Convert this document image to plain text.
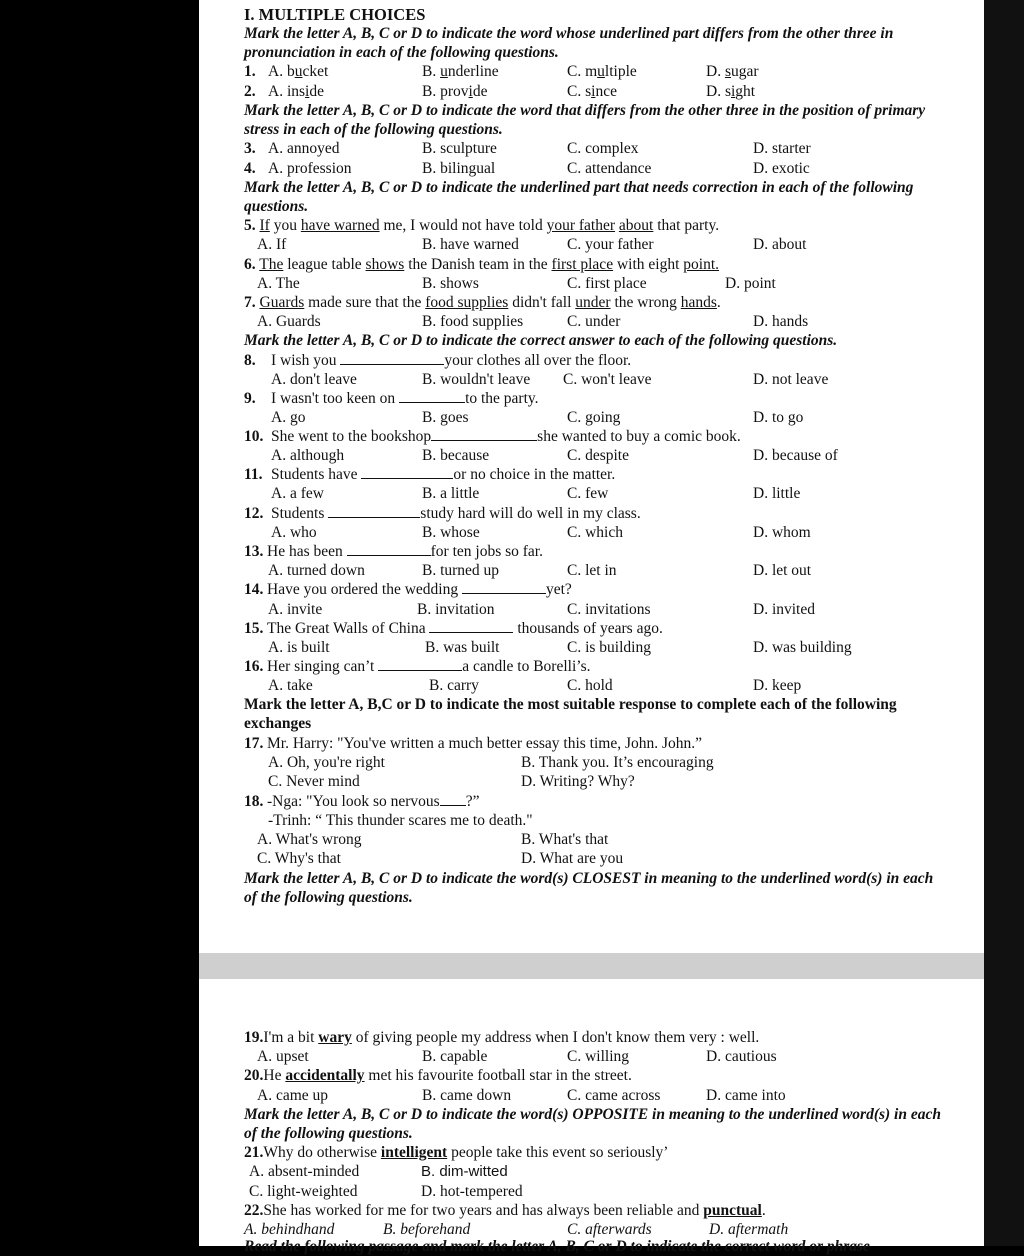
I. MULTIPLE CHOICES
Mark the letter A, B, C or D to indicate the word whose underlined part differs from the other three in pronunciation in each of the following questions.
1. A. bucket	B. underline	C. multiple	D. sugar
2. A. inside	B. provide	C. since	D. sight
Mark the letter A, B, C or D to indicate the word that differs from the other three in the position of primary stress in each of the following questions.
3. A. annoyed	B. sculpture	C. complex	D. starter
4. A. profession	B. bilingual	C. attendance	D. exotic
Mark the letter A, B, C or D to indicate the underlined part that needs correction in each of the following questions.
5. If you have warned me, I would not have told your father about that party.
A. If	B. have warned	C. your father	D. about
6. The league table shows the Danish team in the first place with eight point.
A. The	B. shows	C. first place	D. point
7. Guards made sure that the food supplies didn't fall under the wrong hands.
A. Guards	B. food supplies	C. under	D. hands
Mark the letter A, B, C or D to indicate the correct answer to each of the following questions.
8. I wish you	your clothes all over the floor.
A. don't leave	B. wouldn't leave C. won't leave	D. not leave
9. I wasn't too keen on	to the party.
A. go	B. goes	C. going	D. to go
10. She went to the bookshop	she wanted to buy a comic book.
A. although	B. because	C. despite	D. because of
11. Students have	or no choice in the matter.
A. a few	B. a little	C. few	D. little
12. Students	study hard will do well in my class.
A. who	B. whose	C. which	D. whom
13. He has been	for ten jobs so far.
A. turned down	B. turned up	C. let in	D. let out
14. Have you ordered the wedding	yet?
A. invite	B. invitation	C. invitations	D. invited
15. The Great Walls of China	thousands of years ago.
A. is built	B. was built	C. is building	D. was building
16. Her singing can’t	a candle to Borelli’s.
A. take	B. carry	C. hold	D. keep
Mark the letter A, B,C or D to indicate the most suitable response to complete each of the following exchanges
17. Mr. Harry: "You've written a much better essay this time, John. John.”
A. Oh, you're right	B. Thank you. It’s encouraging
C. Never mind	D. Writing? Why?
18. -Nga: "You look so nervous ?”
-Trinh: “ This thunder scares me to death."
A. What's wrong	B. What's that
C. Why's that	D. What are you
Mark the letter A, B, C or D to indicate the word(s) CLOSEST in meaning to the underlined word(s) in each of the following questions.
19.I'm a bit wary of giving people my address when I don't know them very : well.
A. upset	B. capable	C. willing	D. cautious
20.He accidentally met his favourite football star in the street.
A. came up	B. came down	C. came across	D. came into
Mark the letter A, B, C or D to indicate the word(s) OPPOSITE in meaning to the underlined word(s) in each of the following questions.
21.Why do otherwise intelligent people take this event so seriously’
A. absent-minded	B. dim-witted
C. light-weighted	D. hot-tempered
22.She has worked for me for two years and has always been reliable and punctual.
A. behindhand	B. beforehand	C. afterwards	D. aftermath
Read the following passage and mark the letter A, B, C or D to indicate the correct word or phrase
